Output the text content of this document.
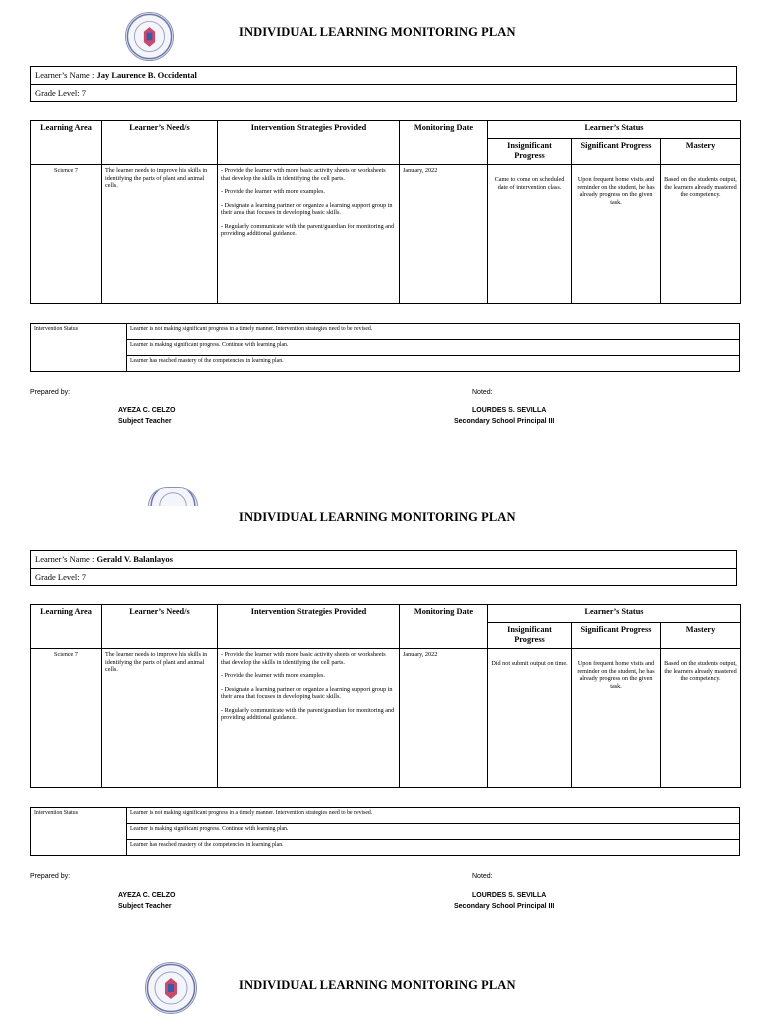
INDIVIDUAL LEARNING MONITORING PLAN
Learner’s Name : Jay Laurence B. Occidental
Grade Level: 7
Learning Area	Learner’s Need/s	Intervention Strategies Provided	Monitoring Date	Learner’s Status		
				Insignificant Progress	Significant Progress	Mastery
Science 7	The learner needs to improve his skills in identifying the parts of plant and animal cells.	- Provide the learner with more basic activity sheets or worksheets that develop the skills in identifying the cell parts.

- Provide the learner with more examples.

- Designate a learning partner or organize a learning support group in their area that focuses in developing basic skills.

- Regularly communicate with the parent/guardian for monitoring and providing additional guidance.	January, 2022	Came to come on scheduled date of intervention class.	Upon frequent home visits and reminder on the student, he has already progress on the given task.	Based on the students output, the learners already mastered the competency.
Intervention Status	Learner is not making significant progress in a timely manner. Intervention strategies need to be revised.
Learner is making significant progress. Continue with learning plan.
Learner has reached mastery of the competencies in learning plan.
Prepared by:	Noted:
AYEZA C. CELZO
Subject Teacher
LOURDES S. SEVILLA
Secondary School Principal III
INDIVIDUAL LEARNING MONITORING PLAN
Learner’s Name : Gerald V. Balanlayos
Grade Level: 7
Learning Area	Learner’s Need/s	Intervention Strategies Provided	Monitoring Date	Learner’s Status		
				Insignificant Progress	Significant Progress	Mastery
Science 7	The learner needs to improve his skills in identifying the parts of plant and animal cells.	- Provide the learner with more basic activity sheets or worksheets that develop the skills in identifying the cell parts.

- Provide the learner with more examples.

- Designate a learning partner or organize a learning support group in their area that focuses in developing basic skills.

- Regularly communicate with the parent/guardian for monitoring and providing additional guidance.	January, 2022	Did not submit output on time.	Upon frequent home visits and reminder on the student, he has already progress on the given task.	Based on the students output, the learners already mastered the competency.
Intervention Status	Learner is not making significant progress in a timely manner. Intervention strategies need to be revised.
Learner is making significant progress. Continue with learning plan.
Learner has reached mastery of the competencies in learning plan.
Prepared by:	Noted:
AYEZA C. CELZO
Subject Teacher
LOURDES S. SEVILLA
Secondary School Principal III
INDIVIDUAL LEARNING MONITORING PLAN
